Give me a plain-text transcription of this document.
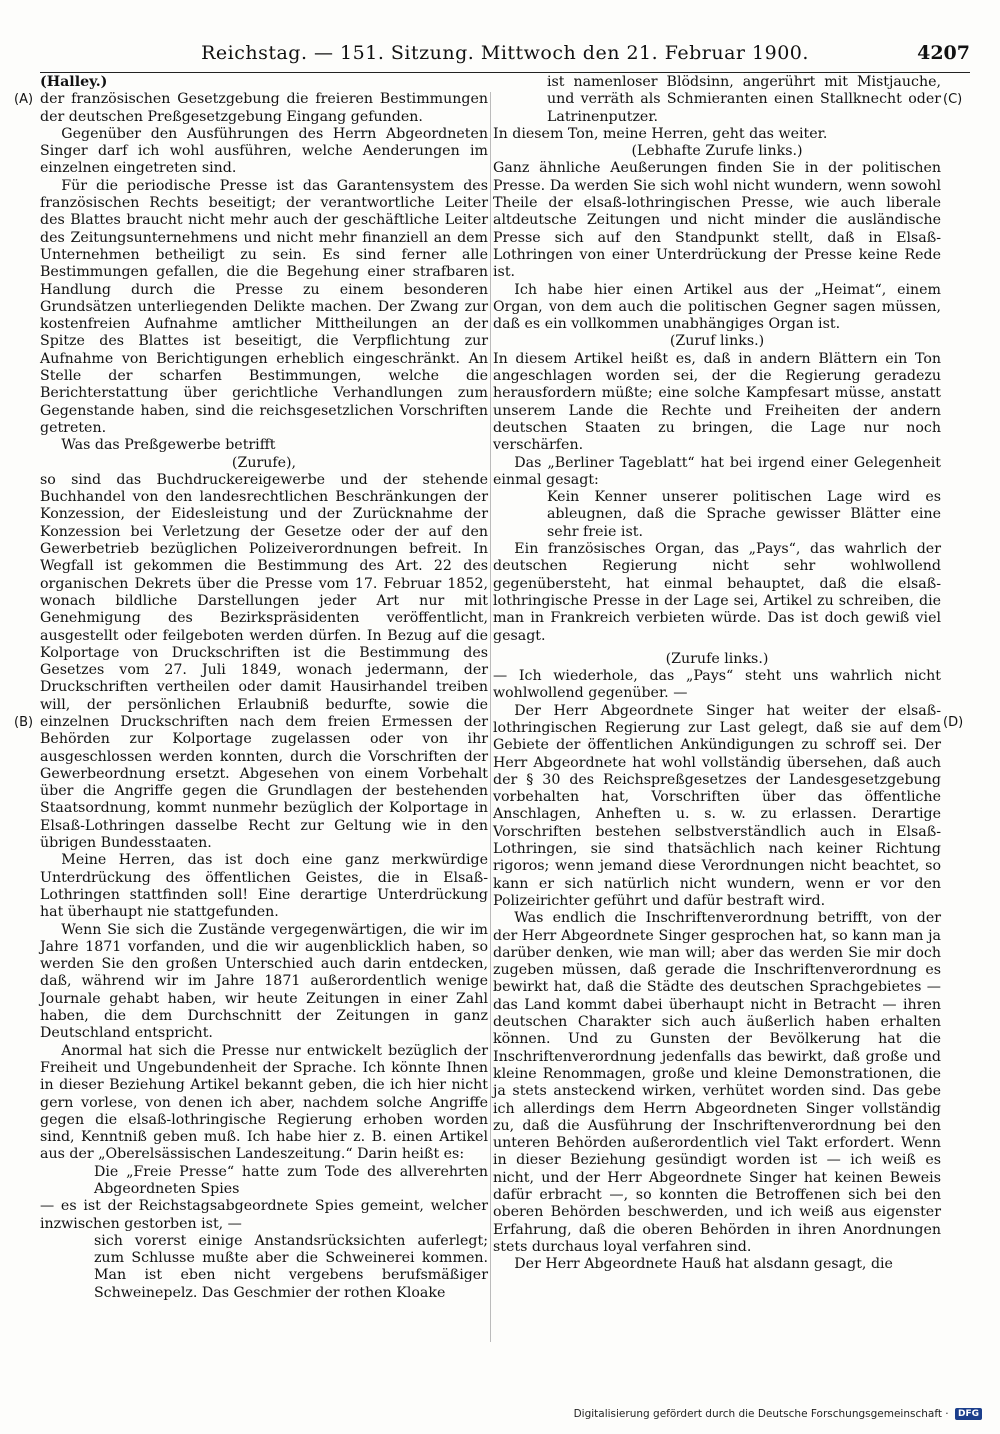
Reichstag. — 151. Sitzung. Mittwoch den 21. Februar 1900.	4207
(A)
(B)
(C)
(D)

(Halley.)

der französischen Gesetzgebung die freieren Bestimmungen der deutschen Preßgesetzgebung Eingang gefunden.

Gegenüber den Ausführungen des Herrn Abgeordneten Singer darf ich wohl ausführen, welche Aenderungen im einzelnen eingetreten sind.

Für die periodische Presse ist das Garantensystem des französischen Rechts beseitigt; der verantwortliche Leiter des Blattes braucht nicht mehr auch der geschäftliche Leiter des Zeitungsunternehmens und nicht mehr finanziell an dem Unternehmen betheiligt zu sein. Es sind ferner alle Bestimmungen gefallen, die die Begehung einer strafbaren Handlung durch die Presse zu einem besonderen Grundsätzen unterliegenden Delikte machen. Der Zwang zur kostenfreien Aufnahme amtlicher Mittheilungen an der Spitze des Blattes ist beseitigt, die Verpflichtung zur Aufnahme von Berichtigungen erheblich eingeschränkt. An Stelle der scharfen Bestimmungen, welche die Berichterstattung über gerichtliche Verhandlungen zum Gegenstande haben, sind die reichsgesetzlichen Vorschriften getreten.

Was das Preßgewerbe betrifft

(Zurufe),

so sind das Buchdruckereigewerbe und der stehende Buchhandel von den landesrechtlichen Beschränkungen der Konzession, der Eidesleistung und der Zurücknahme der Konzession bei Verletzung der Gesetze oder der auf den Gewerbetrieb bezüglichen Polizeiverordnungen befreit. In Wegfall ist gekommen die Bestimmung des Art. 22 des organischen Dekrets über die Presse vom 17. Februar 1852, wonach bildliche Darstellungen jeder Art nur mit Genehmigung des Bezirkspräsidenten veröffentlicht, ausgestellt oder feilgeboten werden dürfen. In Bezug auf die Kolportage von Druckschriften ist die Bestimmung des Gesetzes vom 27. Juli 1849, wonach jedermann, der Druckschriften vertheilen oder damit Hausirhandel treiben will, der persönlichen Erlaubniß bedurfte, sowie die einzelnen Druckschriften nach dem freien Ermessen der Behörden zur Kolportage zugelassen oder von ihr ausgeschlossen werden konnten, durch die Vorschriften der Gewerbeordnung ersetzt. Abgesehen von einem Vorbehalt über die Angriffe gegen die Grundlagen der bestehenden Staatsordnung, kommt nunmehr bezüglich der Kolportage in Elsaß-Lothringen dasselbe Recht zur Geltung wie in den übrigen Bundesstaaten.

Meine Herren, das ist doch eine ganz merkwürdige Unterdrückung des öffentlichen Geistes, die in Elsaß-Lothringen stattfinden soll! Eine derartige Unterdrückung hat überhaupt nie stattgefunden.

Wenn Sie sich die Zustände vergegenwärtigen, die wir im Jahre 1871 vorfanden, und die wir augenblicklich haben, so werden Sie den großen Unterschied auch darin entdecken, daß, während wir im Jahre 1871 außerordentlich wenige Journale gehabt haben, wir heute Zeitungen in einer Zahl haben, die dem Durchschnitt der Zeitungen in ganz Deutschland entspricht.

Anormal hat sich die Presse nur entwickelt bezüglich der Freiheit und Ungebundenheit der Sprache. Ich könnte Ihnen in dieser Beziehung Artikel bekannt geben, die ich hier nicht gern vorlese, von denen ich aber, nachdem solche Angriffe gegen die elsaß-lothringische Regierung erhoben worden sind, Kenntniß geben muß. Ich habe hier z. B. einen Artikel aus der „Oberelsässischen Landeszeitung.“ Darin heißt es:

Die „Freie Presse“ hatte zum Tode des allverehrten Abgeordneten Spies

— es ist der Reichstagsabgeordnete Spies gemeint, welcher inzwischen gestorben ist, —

sich vorerst einige Anstandsrücksichten auferlegt; zum Schlusse mußte aber die Schweinerei kommen. Man ist eben nicht vergebens berufsmäßiger Schweinepelz. Das Geschmier der rothen Kloake

ist namenloser Blödsinn, angerührt mit Mistjauche, und verräth als Schmieranten einen Stallknecht oder Latrinenputzer.

In diesem Ton, meine Herren, geht das weiter.

(Lebhafte Zurufe links.)

Ganz ähnliche Aeußerungen finden Sie in der politischen Presse. Da werden Sie sich wohl nicht wundern, wenn sowohl Theile der elsaß-lothringischen Presse, wie auch liberale altdeutsche Zeitungen und nicht minder die ausländische Presse sich auf den Standpunkt stellt, daß in Elsaß-Lothringen von einer Unterdrückung der Presse keine Rede ist.

Ich habe hier einen Artikel aus der „Heimat“, einem Organ, von dem auch die politischen Gegner sagen müssen, daß es ein vollkommen unabhängiges Organ ist.

(Zuruf links.)

In diesem Artikel heißt es, daß in andern Blättern ein Ton angeschlagen worden sei, der die Regierung geradezu herausfordern müßte; eine solche Kampfesart müsse, anstatt unserem Lande die Rechte und Freiheiten der andern deutschen Staaten zu bringen, die Lage nur noch verschärfen.

Das „Berliner Tageblatt“ hat bei irgend einer Gelegenheit einmal gesagt:

Kein Kenner unserer politischen Lage wird es ableugnen, daß die Sprache gewisser Blätter eine sehr freie ist.

Ein französisches Organ, das „Pays“, das wahrlich der deutschen Regierung nicht sehr wohlwollend gegenübersteht, hat einmal behauptet, daß die elsaß-lothringische Presse in der Lage sei, Artikel zu schreiben, die man in Frankreich verbieten würde. Das ist doch gewiß viel gesagt.

(Zurufe links.)

— Ich wiederhole, das „Pays“ steht uns wahrlich nicht wohlwollend gegenüber. —

Der Herr Abgeordnete Singer hat weiter der elsaß-lothringischen Regierung zur Last gelegt, daß sie auf dem Gebiete der öffentlichen Ankündigungen zu schroff sei. Der Herr Abgeordnete hat wohl vollständig übersehen, daß auch der § 30 des Reichspreßgesetzes der Landesgesetzgebung vorbehalten hat, Vorschriften über das öffentliche Anschlagen, Anheften u. s. w. zu erlassen. Derartige Vorschriften bestehen selbstverständlich auch in Elsaß-Lothringen, sie sind thatsächlich nach keiner Richtung rigoros; wenn jemand diese Verordnungen nicht beachtet, so kann er sich natürlich nicht wundern, wenn er vor den Polizeirichter geführt und dafür bestraft wird.

Was endlich die Inschriftenverordnung betrifft, von der der Herr Abgeordnete Singer gesprochen hat, so kann man ja darüber denken, wie man will; aber das werden Sie mir doch zugeben müssen, daß gerade die Inschriftenverordnung es bewirkt hat, daß die Städte des deutschen Sprachgebietes — das Land kommt dabei überhaupt nicht in Betracht — ihren deutschen Charakter sich auch äußerlich haben erhalten können. Und zu Gunsten der Bevölkerung hat die Inschriftenverordnung jedenfalls das bewirkt, daß große und kleine Renommagen, große und kleine Demonstrationen, die ja stets ansteckend wirken, verhütet worden sind. Das gebe ich allerdings dem Herrn Abgeordneten Singer vollständig zu, daß die Ausführung der Inschriftenverordnung bei den unteren Behörden außerordentlich viel Takt erfordert. Wenn in dieser Beziehung gesündigt worden ist — ich weiß es nicht, und der Herr Abgeordnete Singer hat keinen Beweis dafür erbracht —, so konnten die Betroffenen sich bei den oberen Behörden beschwerden, und ich weiß aus eigenster Erfahrung, daß die oberen Behörden in ihren Anordnungen stets durchaus loyal verfahren sind.

Der Herr Abgeordnete Hauß hat alsdann gesagt, die

Digitalisierung gefördert durch die Deutsche Forschungsgemeinschaft · DFG
